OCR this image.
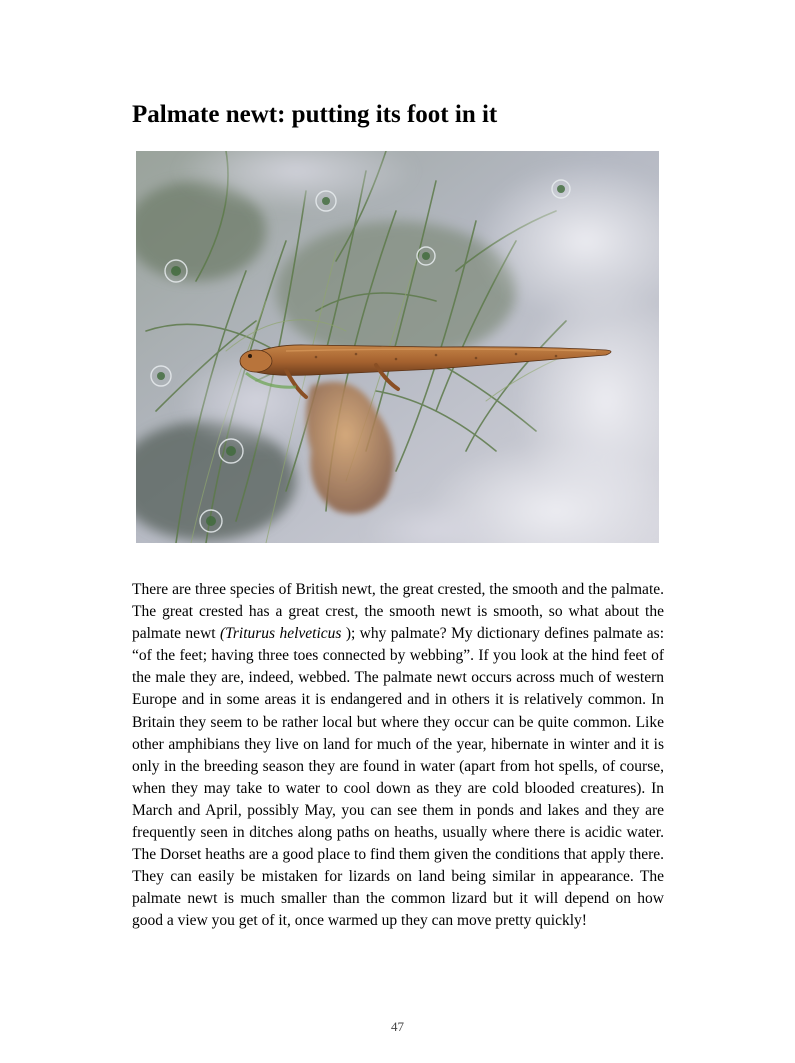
Palmate newt: putting its foot in it

There are three species of British newt, the great crested, the smooth and the palmate. The great crested has a great crest, the smooth newt is smooth, so what about the palmate newt (Triturus helveticus ); why palmate? My dictionary defines palmate as: “of the feet; having three toes connected by webbing”. If you look at the hind feet of the male they are, indeed, webbed. The palmate newt occurs across much of western Europe and in some areas it is endangered and in others it is relatively common. In Britain they seem to be rather local but where they occur can be quite common. Like other amphibians they live on land for much of the year, hibernate in winter and it is only in the breeding season they are found in water (apart from hot spells, of course, when they may take to water to cool down as they are cold blooded creatures). In March and April, possibly May, you can see them in ponds and lakes and they are frequently seen in ditches along paths on heaths, usually where there is acidic water. The Dorset heaths are a good place to find them given the conditions that apply there. They can easily be mistaken for lizards on land being similar in appearance. The palmate newt is much smaller than the common lizard but it will depend on how good a view you get of it, once warmed up they can move pretty quickly!

47
